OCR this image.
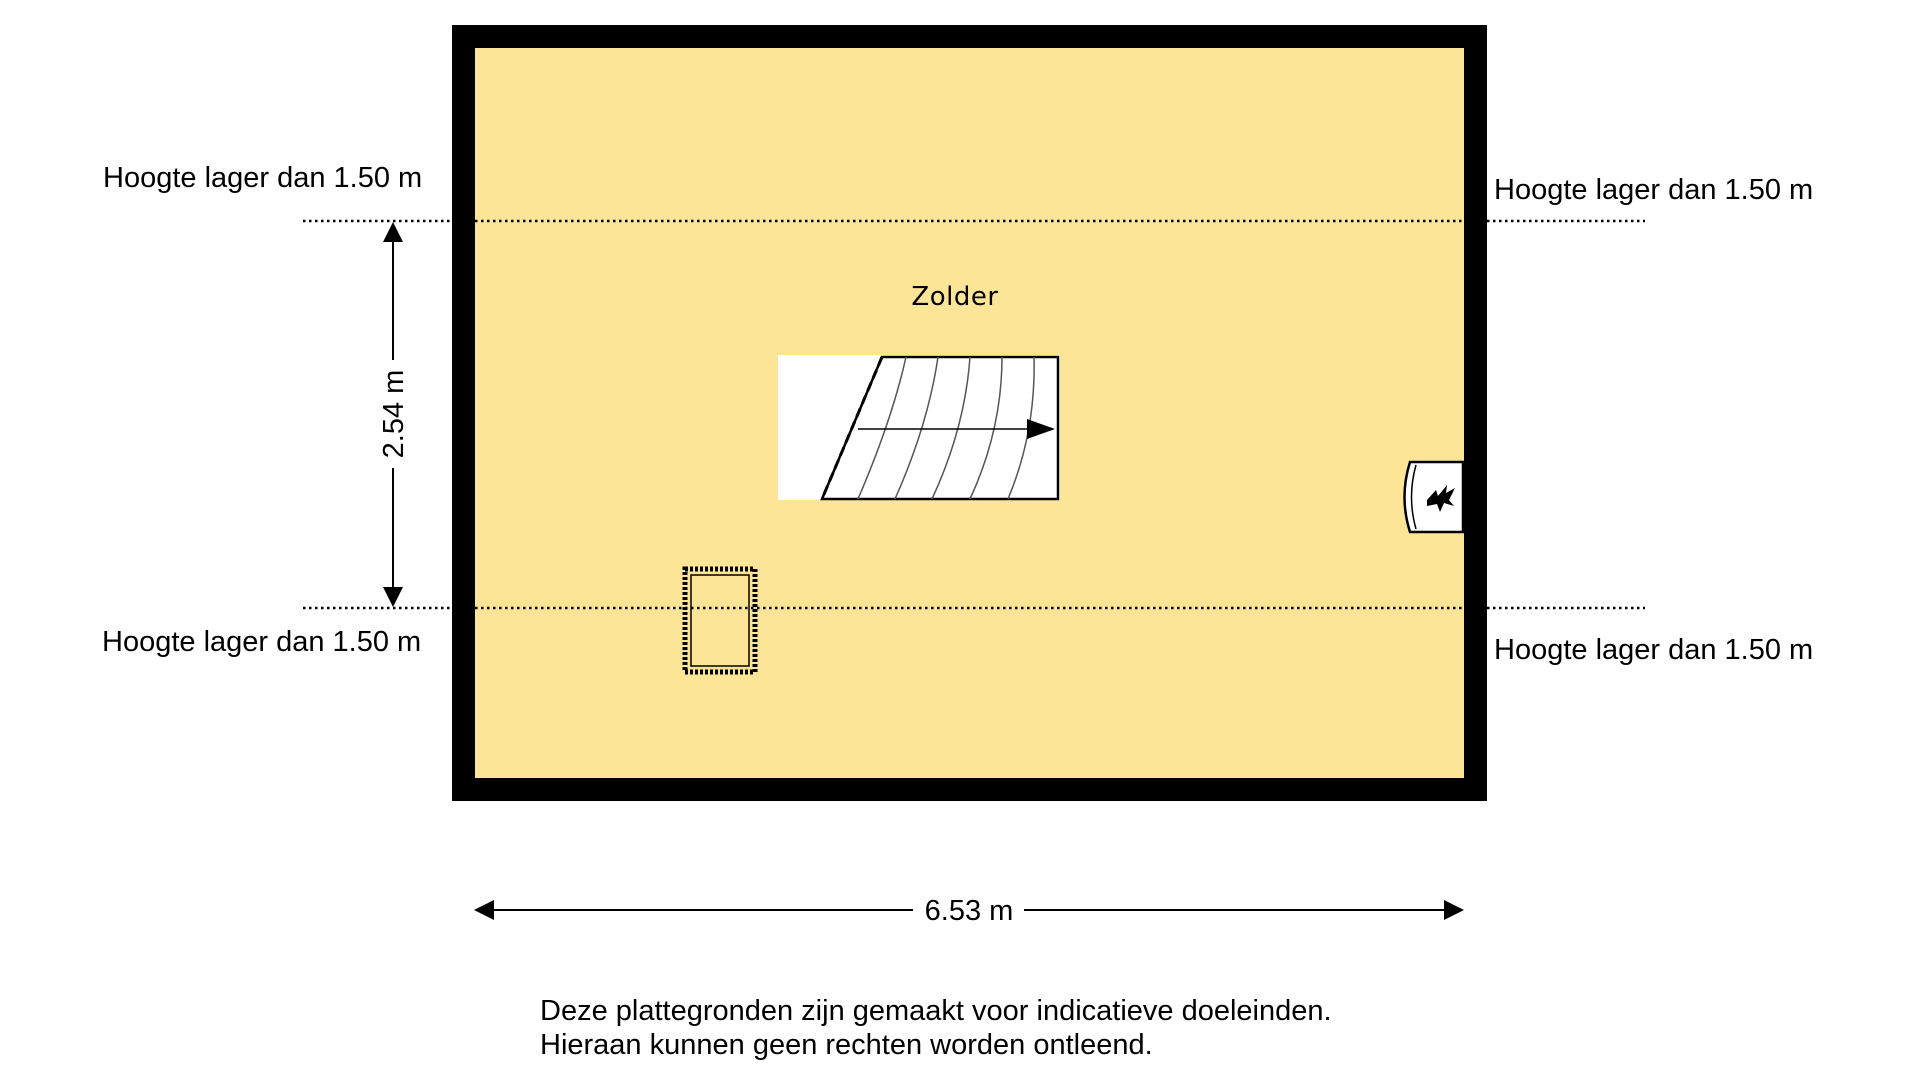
Hoogte lager dan 1.50 m	Hoogte lager dan 1.50 m
Hoogte lager dan 1.50 m	Hoogte lager dan 1.50 m
2.54 m
6.53 m
Zolder
Deze plattegronden zijn gemaakt voor indicatieve doeleinden.
Hieraan kunnen geen rechten worden ontleend.
